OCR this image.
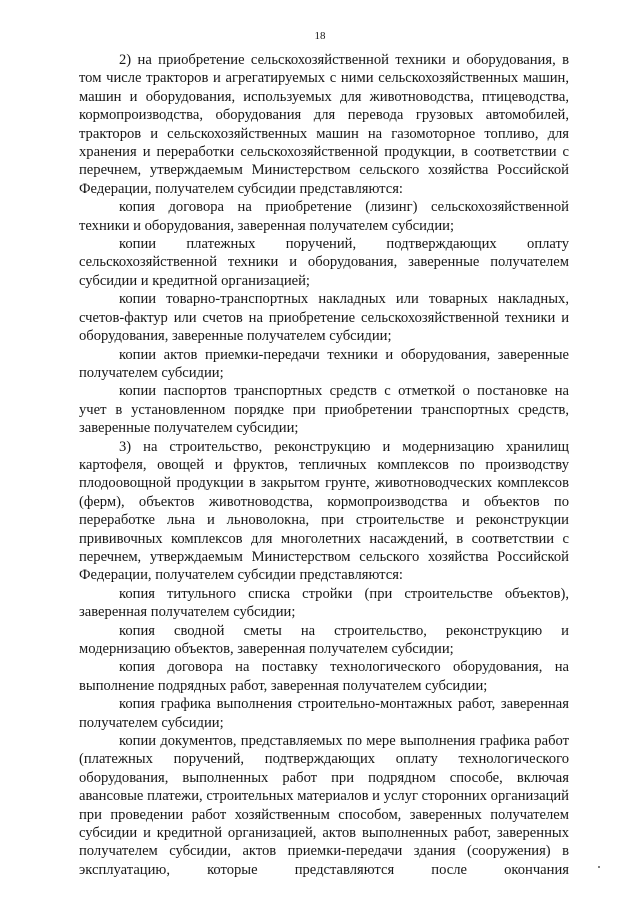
18

2) на приобретение сельскохозяйственной техники и оборудования, в том числе тракторов и агрегатируемых с ними сельскохозяйственных машин, машин и оборудования, используемых для животноводства, птицеводства, кормопроизводства, оборудования для перевода грузовых автомобилей, тракторов и сельскохозяйственных машин на газомоторное топливо, для хранения и переработки сельскохозяйственной продукции, в соответствии с перечнем, утверждаемым Министерством сельского хозяйства Российской Федерации, получателем субсидии представляются:

копия договора на приобретение (лизинг) сельскохозяйственной техники и оборудования, заверенная получателем субсидии;

копии платежных поручений, подтверждающих оплату сельскохозяйственной техники и оборудования, заверенные получателем субсидии и кредитной организацией;

копии товарно-транспортных накладных или товарных накладных, счетов-фактур или счетов на приобретение сельскохозяйственной техники и оборудования, заверенные получателем субсидии;

копии актов приемки-передачи техники и оборудования, заверенные получателем субсидии;

копии паспортов транспортных средств с отметкой о постановке на учет в установленном порядке при приобретении транспортных средств, заверенные получателем субсидии;

3) на строительство, реконструкцию и модернизацию хранилищ картофеля, овощей и фруктов, тепличных комплексов по производству плодоовощной продукции в закрытом грунте, животноводческих комплексов (ферм), объектов животноводства, кормопроизводства и объектов по переработке льна и льноволокна, при строительстве и реконструкции прививочных комплексов для многолетних насаждений, в соответствии с перечнем, утверждаемым Министерством сельского хозяйства Российской Федерации, получателем субсидии представляются:

копия титульного списка стройки (при строительстве объектов), заверенная получателем субсидии;

копия сводной сметы на строительство, реконструкцию и модернизацию объектов, заверенная получателем субсидии;

копия договора на поставку технологического оборудования, на выполнение подрядных работ, заверенная получателем субсидии;

копия графика выполнения строительно-монтажных работ, заверенная получателем субсидии;

копии документов, представляемых по мере выполнения графика работ (платежных поручений, подтверждающих оплату технологического оборудования, выполненных работ при подрядном способе, включая авансовые платежи, строительных материалов и услуг сторонних организаций при проведении работ хозяйственным способом, заверенных получателем субсидии и кредитной организацией, актов выполненных работ, заверенных получателем субсидии, актов приемки-передачи здания (сооружения) в эксплуатацию, которые представляются после окончания
